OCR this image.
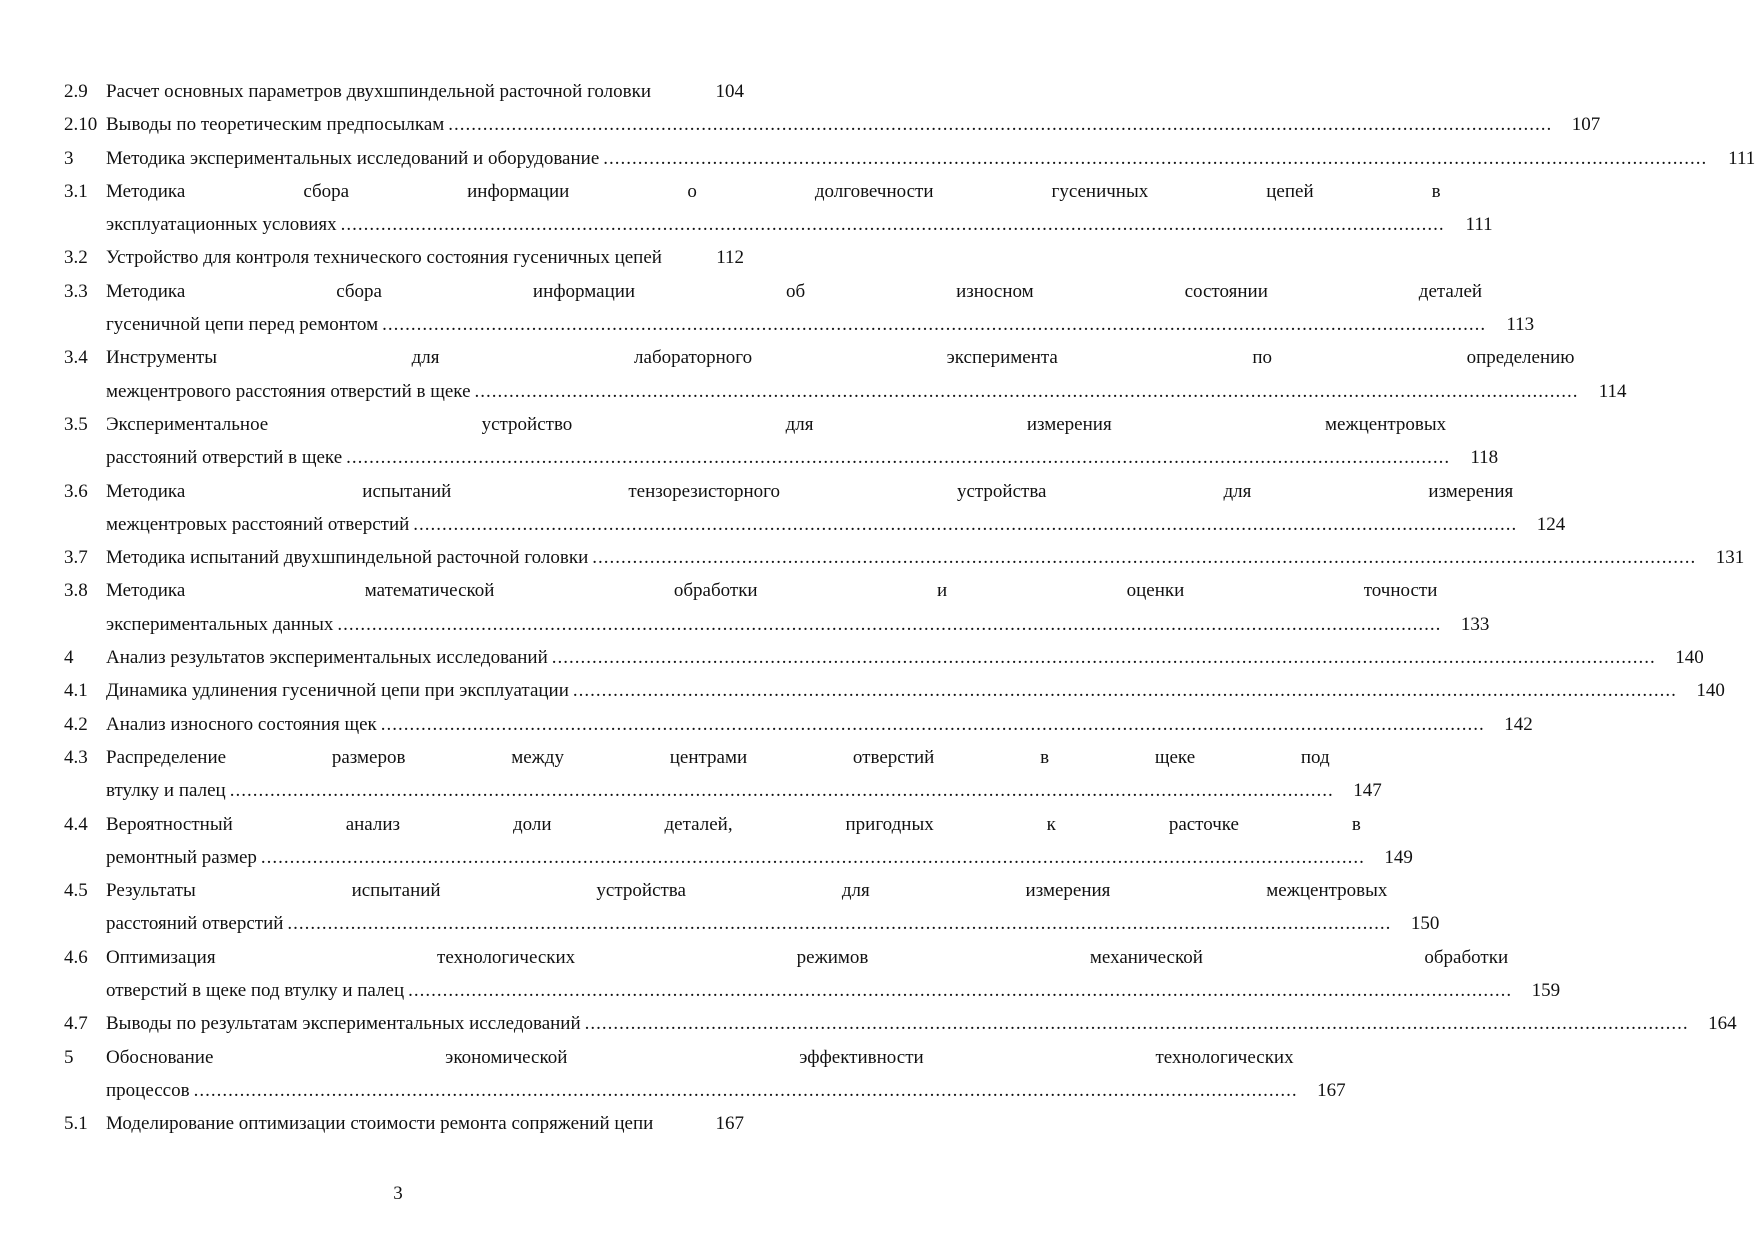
2.9 Расчет основных параметров двухшпиндельной расточной головки	104
2.10 Выводы по теоретическим предпосылкам .....	107
3	Методика экспериментальных исследований и оборудование .....	111
3.1 Методика сбора информации о долговечности гусеничных цепей в
эксплуатационных условиях .....	111
3.2 Устройство для контроля технического состояния гусеничных цепей	112
3.3 Методика сбора информации об износном состоянии деталей
гусеничной цепи перед ремонтом .....	113
3.4 Инструменты для лабораторного эксперимента по определению
межцентрового расстояния отверстий в щеке .....	114
3.5 Экспериментальное устройство для измерения межцентровых
расстояний отверстий в щеке .....	118
3.6 Методика испытаний тензорезисторного устройства для измерения
межцентровых расстояний отверстий .....	124
3.7 Методика испытаний двухшпиндельной расточной головки .....	131
3.8 Методика математической обработки и оценки точности
экспериментальных данных .....	133
4	Анализ результатов экспериментальных исследований .....	140
4.1 Динамика удлинения гусеничной цепи при эксплуатации .....	140
4.2 Анализ износного состояния щек .....	142
4.3 Распределение размеров между центрами отверстий в щеке под
втулку и палец .....	147
4.4 Вероятностный анализ доли деталей, пригодных к расточке в
ремонтный размер .....	149
4.5 Результаты испытаний устройства для измерения межцентровых
расстояний отверстий .....	150
4.6 Оптимизация технологических режимов механической обработки
отверстий в щеке под втулку и палец .....	159
4.7 Выводы по результатам экспериментальных исследований .....	164
5	Обоснование экономической эффективности технологических
процессов .....	167
5.1 Моделирование оптимизации стоимости ремонта сопряжений цепи	167
3
